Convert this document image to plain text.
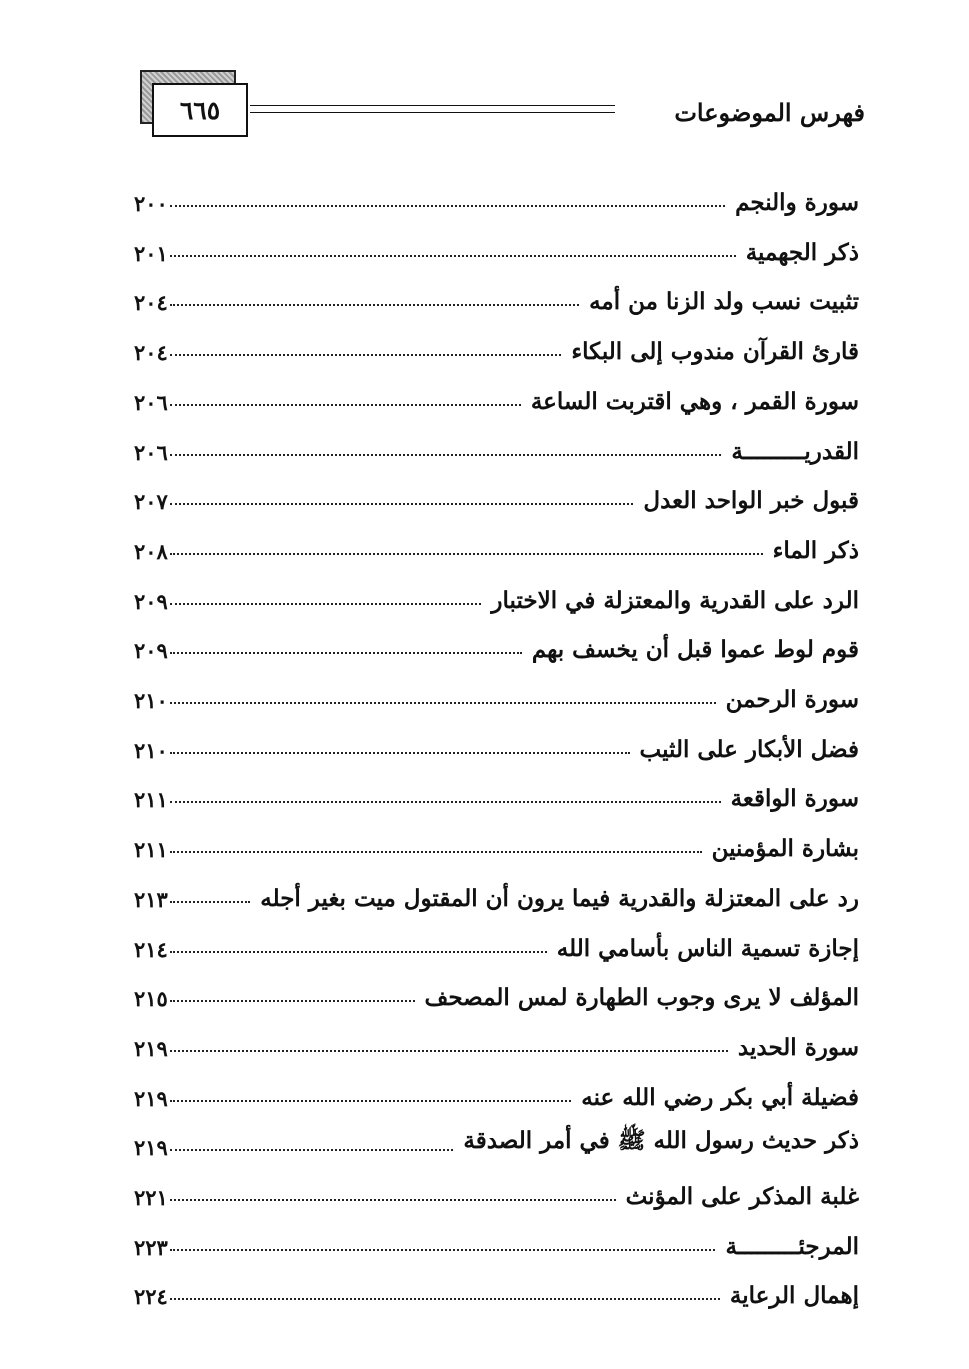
٦٦٥	فهرس الموضوعات
سورة والنجم
٢٠٠
ذكر الجهمية
٢٠١
تثبيت نسب ولد الزنا من أمه
٢٠٤
قارئ القرآن مندوب إلى البكاء
٢٠٤
سورة القمر ، وهي اقتربت الساعة
٢٠٦
القدريـــــــــة
٢٠٦
قبول خبر الواحد العدل
٢٠٧
ذكر الماء
٢٠٨
الرد على القدرية والمعتزلة في الاختبار
٢٠٩
قوم لوط عموا قبل أن يخسف بهم
٢٠٩
سورة الرحمن
٢١٠
فضل الأبكار على الثيب
٢١٠
سورة الواقعة
٢١١
بشارة المؤمنين
٢١١
رد على المعتزلة والقدرية فيما يرون أن المقتول ميت بغير أجله
٢١٣
إجازة تسمية الناس بأسامي الله
٢١٤
المؤلف لا يرى وجوب الطهارة لمس المصحف
٢١٥
سورة الحديد
٢١٩
فضيلة أبي بكر رضي الله عنه
٢١٩
ذكر حديث رسول الله ﷺ في أمر الصدقة
٢١٩
غلبة المذكر على المؤنث
٢٢١
المرجئـــــــــة
٢٢٣
إهمال الرعاية
٢٢٤
